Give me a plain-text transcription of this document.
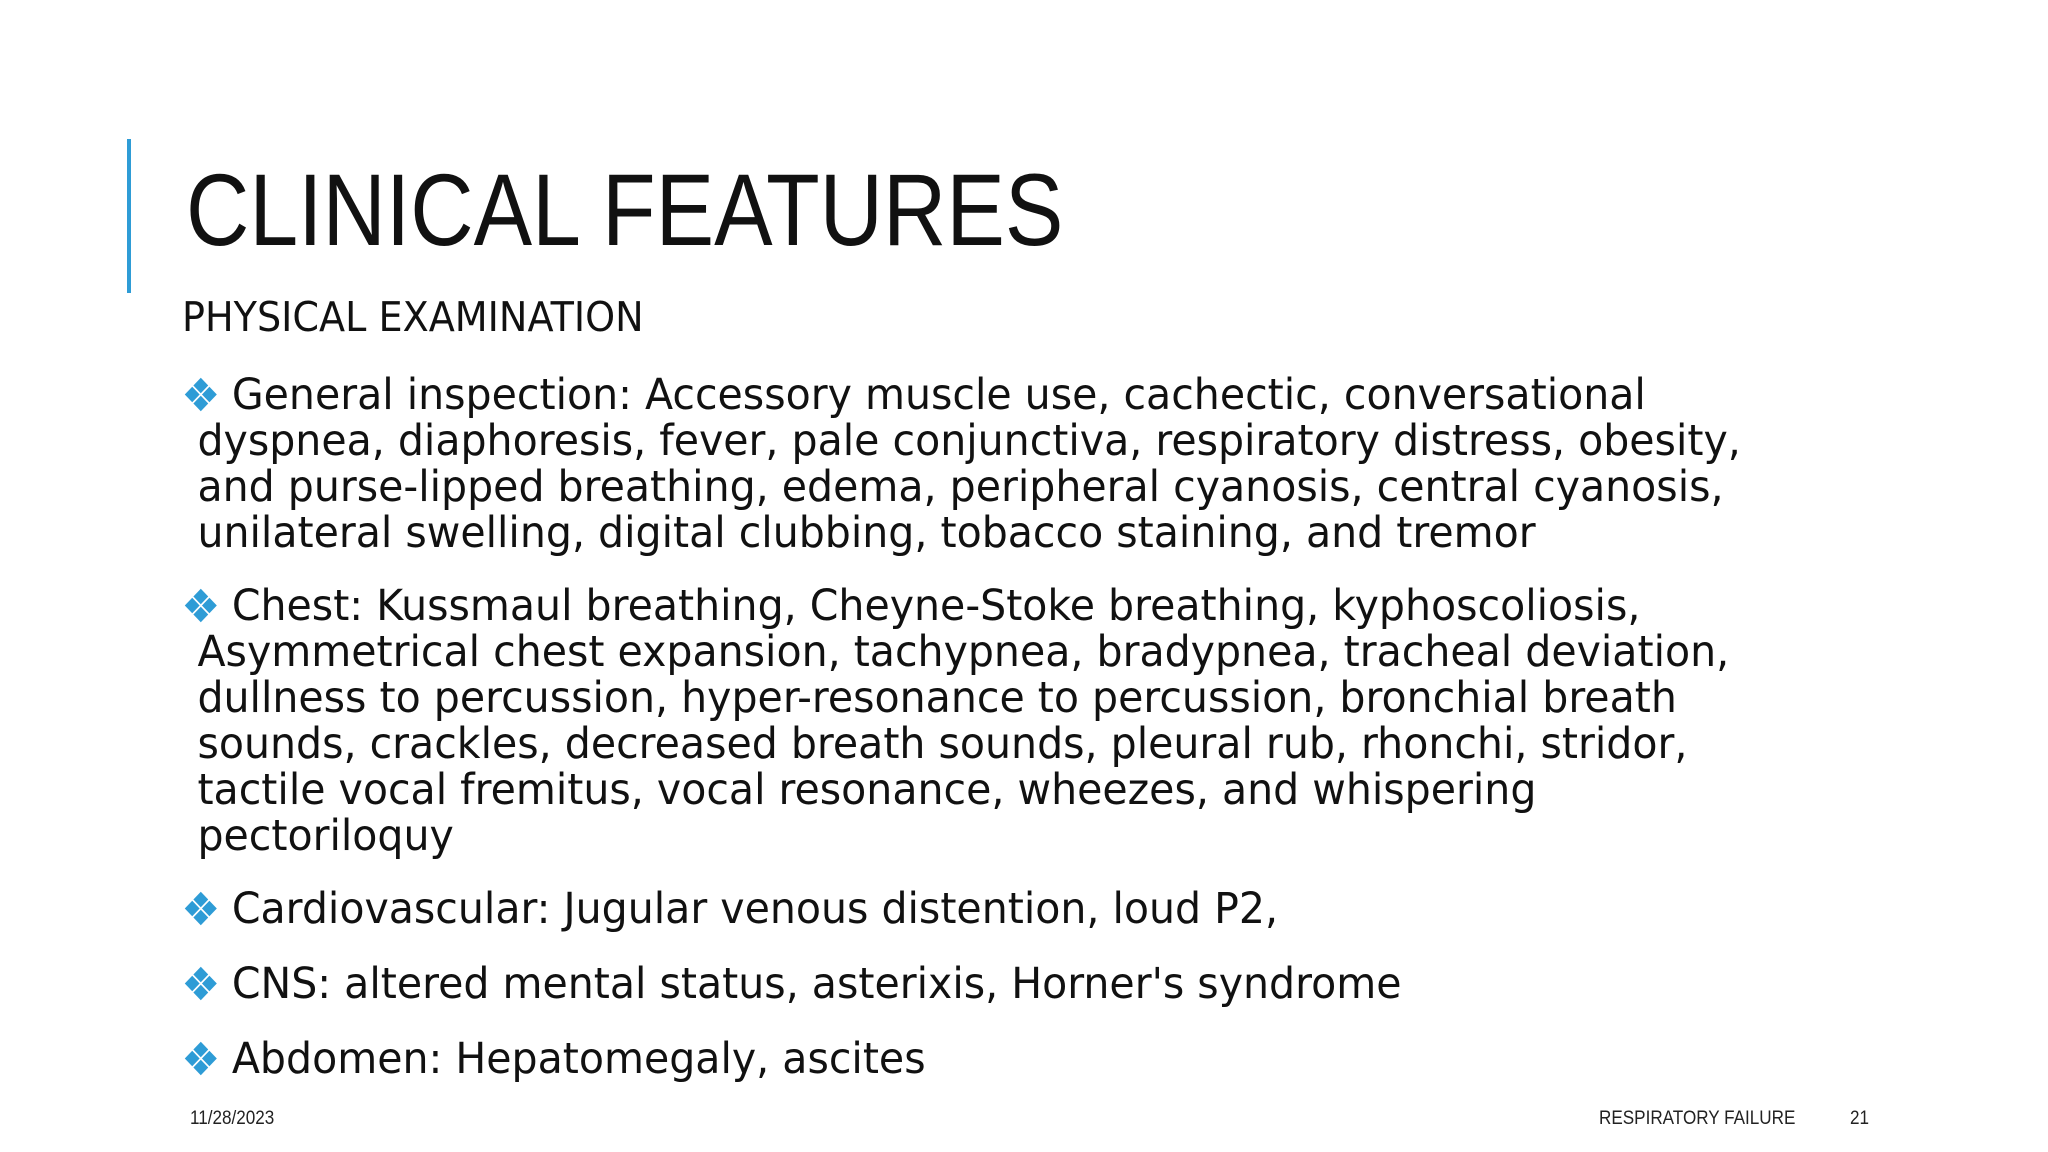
CLINICAL FEATURES
PHYSICAL EXAMINATION
General inspection: Accessory muscle use, cachectic, conversational
dyspnea, diaphoresis, fever, pale conjunctiva, respiratory distress, obesity,
and purse-lipped breathing, edema, peripheral cyanosis, central cyanosis,
unilateral swelling, digital clubbing, tobacco staining, and tremor
Chest: Kussmaul breathing, Cheyne-Stoke breathing, kyphoscoliosis,
Asymmetrical chest expansion, tachypnea, bradypnea, tracheal deviation,
dullness to percussion, hyper-resonance to percussion, bronchial breath
sounds, crackles, decreased breath sounds, pleural rub, rhonchi, stridor,
tactile vocal fremitus, vocal resonance, wheezes, and whispering
pectoriloquy
Cardiovascular: Jugular venous distention, loud P2,
CNS: altered mental status, asterixis, Horner's syndrome
Abdomen: Hepatomegaly, ascites
11/28/2023	RESPIRATORY FAILURE	21
